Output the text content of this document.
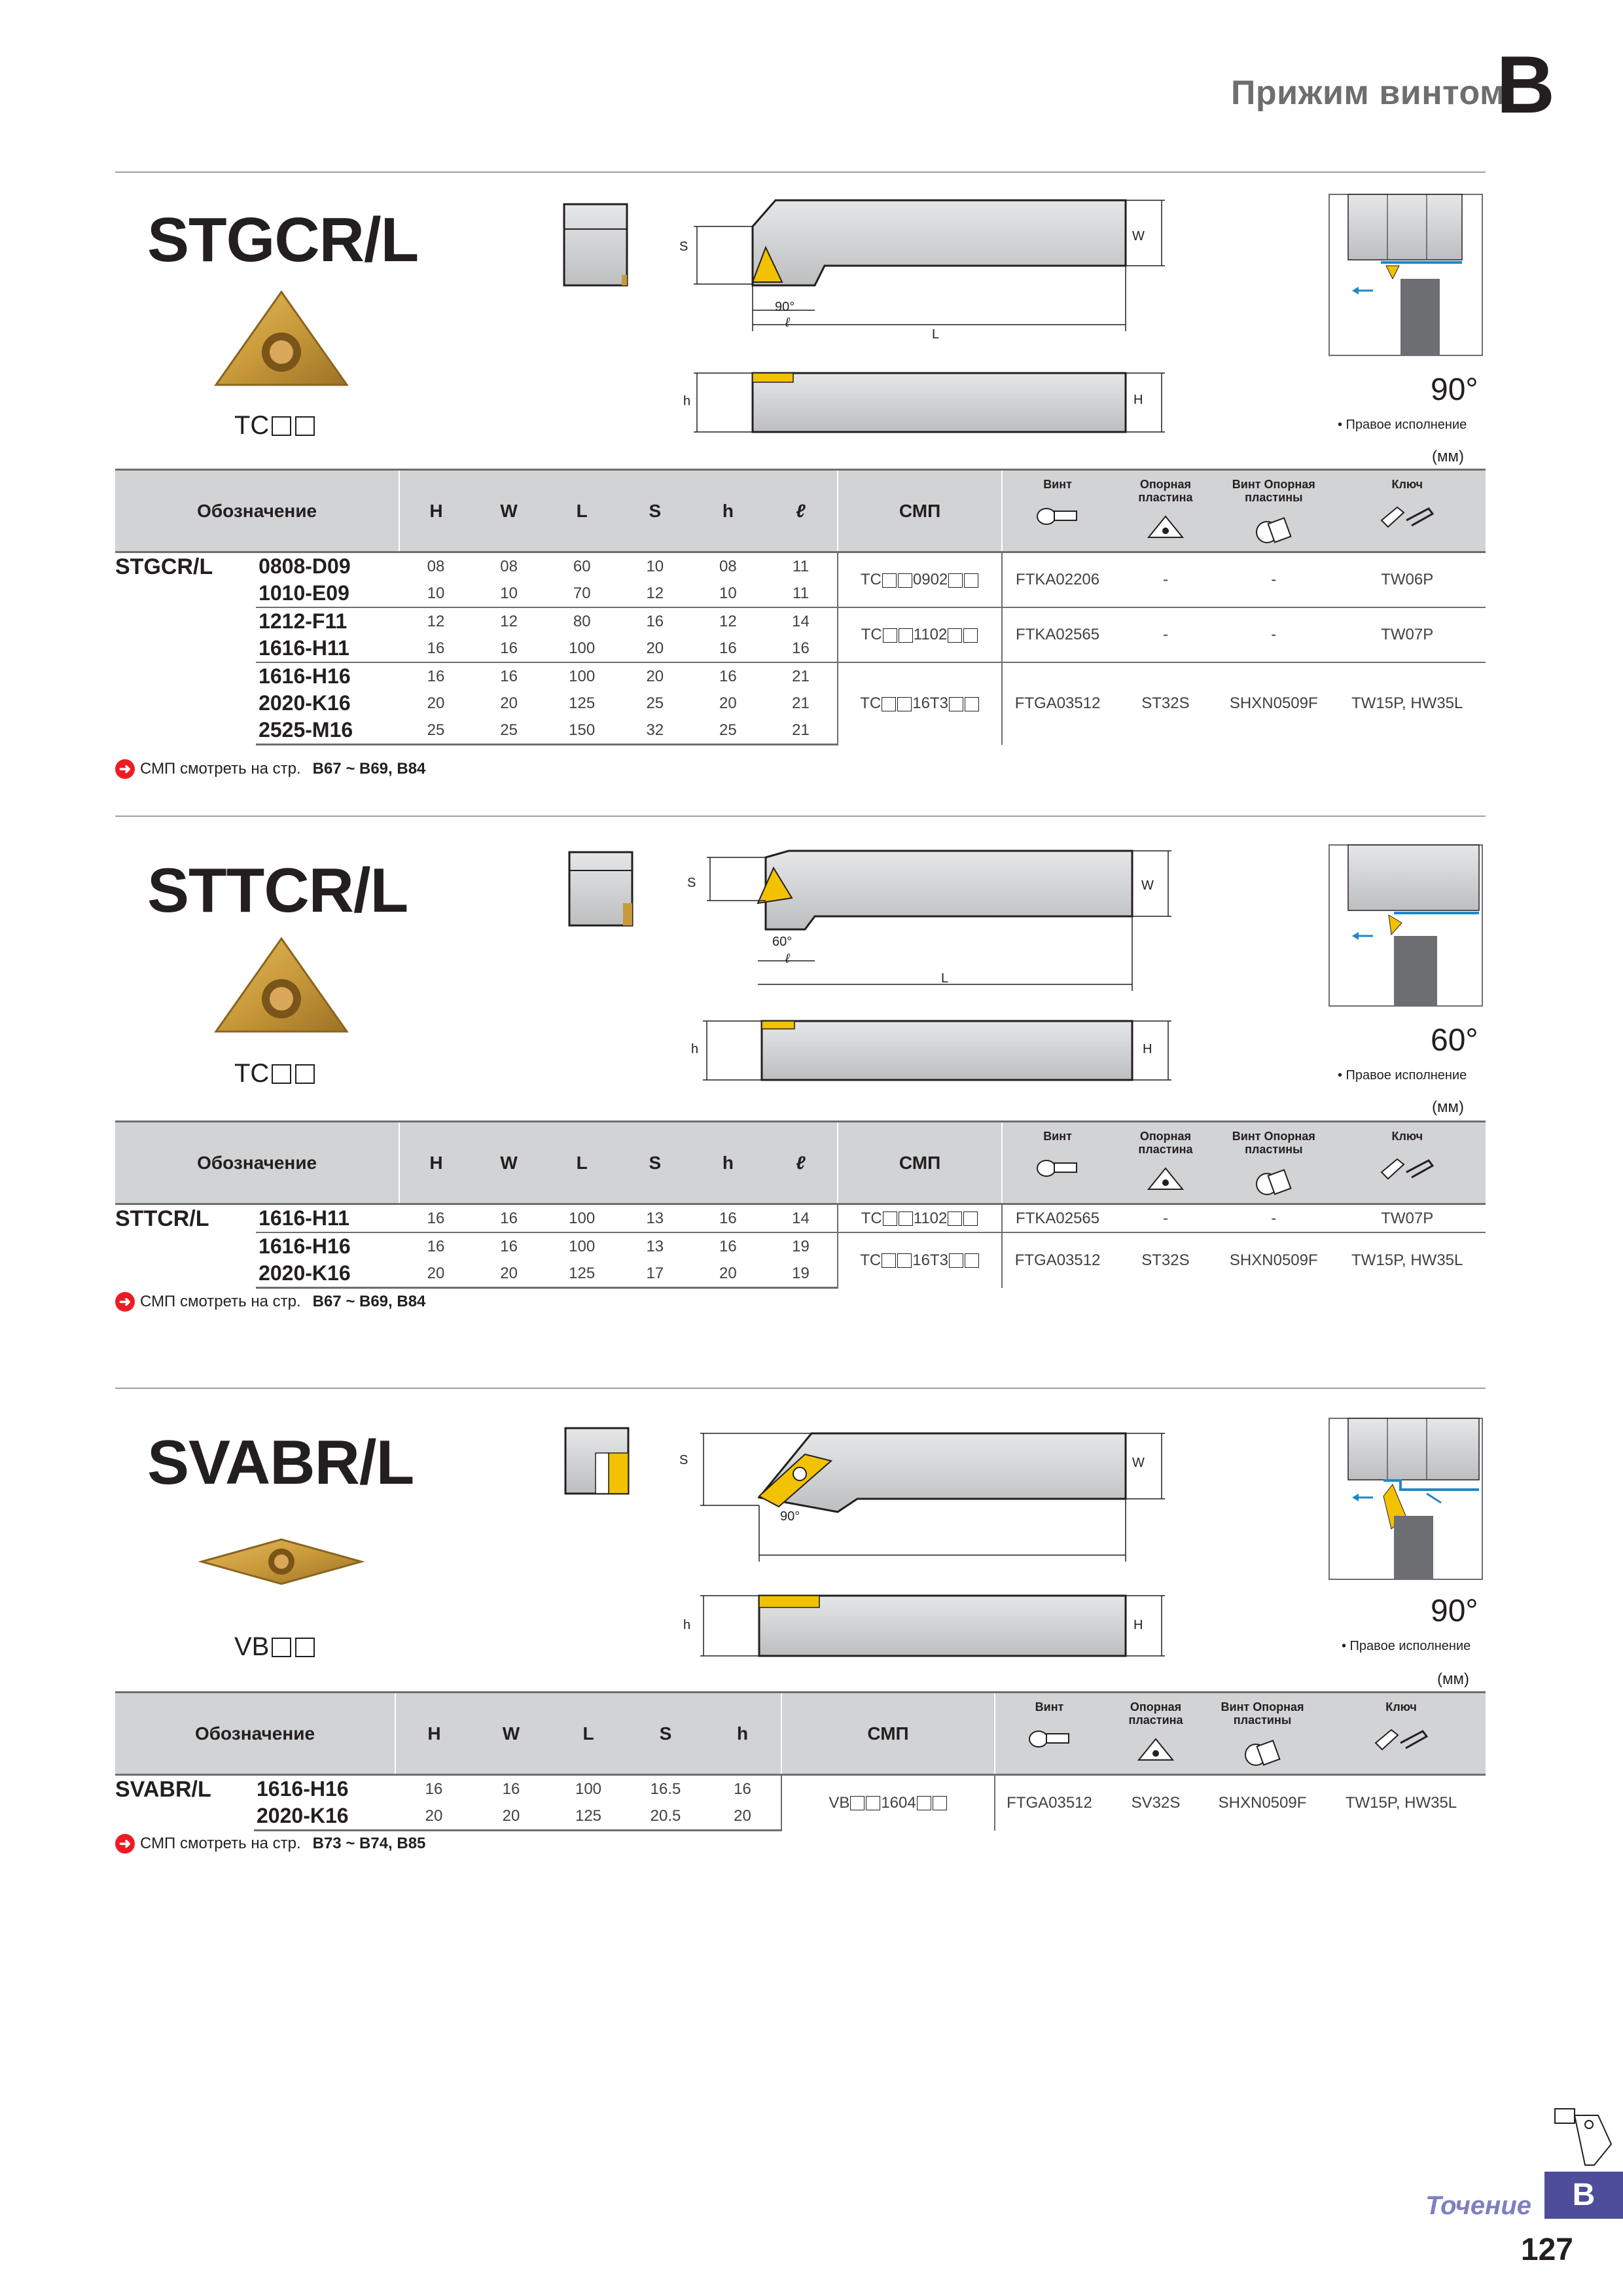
Прижим винтом
B
STGCR/L
TC
S
W
90°
ℓ
L
h	H	90°
• Правое исполнение
(мм)
Обозначение		H	W	L	S	h	ℓ	СМП	Винт	Опорная пластина	Винт Опорная пластины	Ключ

STGCR/L	0808-D09	08	08	60	10	08	11	TC 0902	FTKA02206	-	-	TW06P
	1010-E09	10	10	70	12	10	11					
	1212-F11	12	12	80	16	12	14	TC 1102	FTKA02565	-	-	TW07P
	1616-H11	16	16	100	20	16	16					
	1616-H16	16	16	100	20	16	21	TC 16T3	FTGA03512	ST32S	SHXN0509F	TW15P, HW35L
	2020-K16	20	20	125	25	20	21					
	2525-M16	25	25	150	32	25	21					
➜ СМП смотреть на стр. B67 ~ B69, B84
STTCR/L
TC
S	W
60°
ℓ
L
h	H	60°
• Правое исполнение
(мм)
Обозначение		H	W	L	S	h	ℓ	СМП	Винт	Опорная пластина	Винт Опорная пластины	Ключ

STTCR/L	1616-H11	16	16	100	13	16	14	TC 1102	FTKA02565	-	-	TW07P
	1616-H16	16	16	100	13	16	19	TC 16T3	FTGA03512	ST32S	SHXN0509F	TW15P, HW35L
	2020-K16	20	20	125	17	20	19					
➜ СМП смотреть на стр. B67 ~ B69, B84
SVABR/L
VB
S	W
90°
h	H	90°
• Правое исполнение
(мм)
Обозначение		H	W	L	S	h	СМП	Винт	Опорная пластина	Винт Опорная пластины	Ключ

SVABR/L	1616-H16	16	16	100	16.5	16	VB 1604	FTGA03512	SV32S	SHXN0509F	TW15P, HW35L
	2020-K16	20	20	125	20.5	20					
➜ СМП смотреть на стр. B73 ~ B74, B85
Точение	B
127
